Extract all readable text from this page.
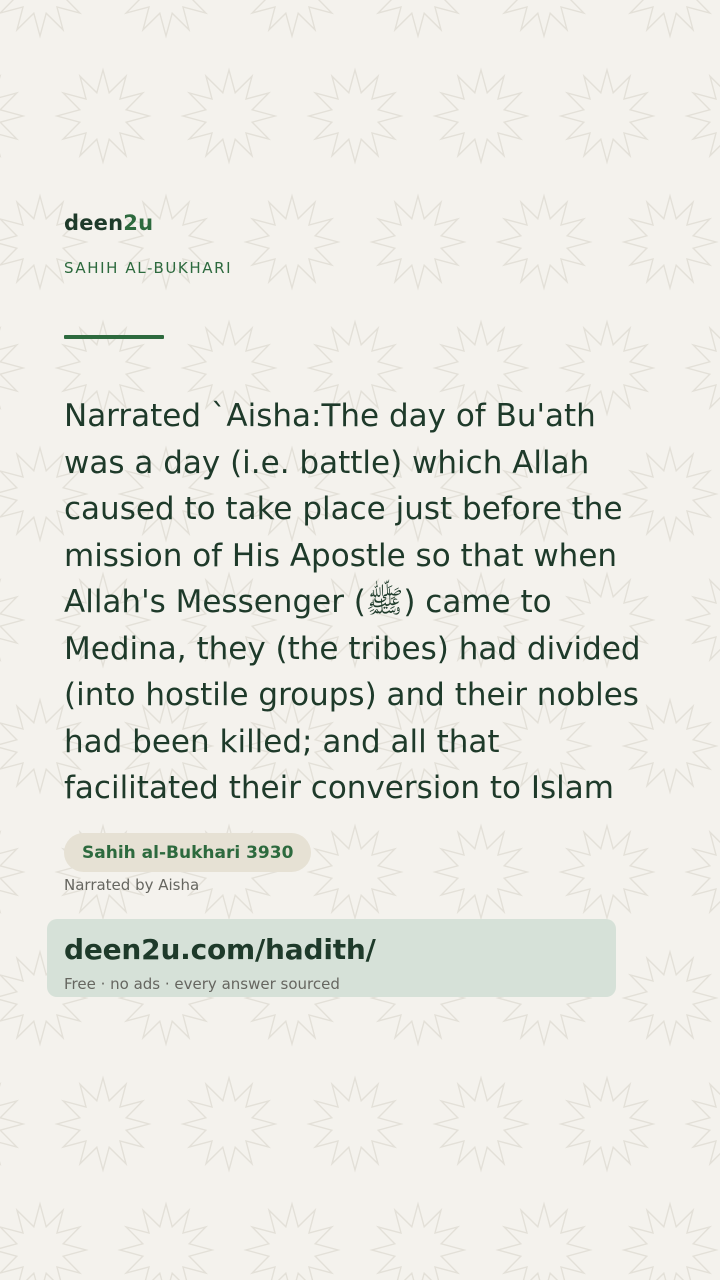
deen2u

SAHIH AL-BUKHARI

Narrated `Aisha:The day of Bu'ath was a day (i.e. battle) which Allah caused to take place just before the mission of His Apostle so that when Allah's Messenger (ﷺ) came to Medina, they (the tribes) had divided (into hostile groups) and their nobles had been killed; and all that facilitated their conversion to Islam

Sahih al-Bukhari 3930

Narrated by Aisha

deen2u.com/hadith/

Free · no ads · every answer sourced
